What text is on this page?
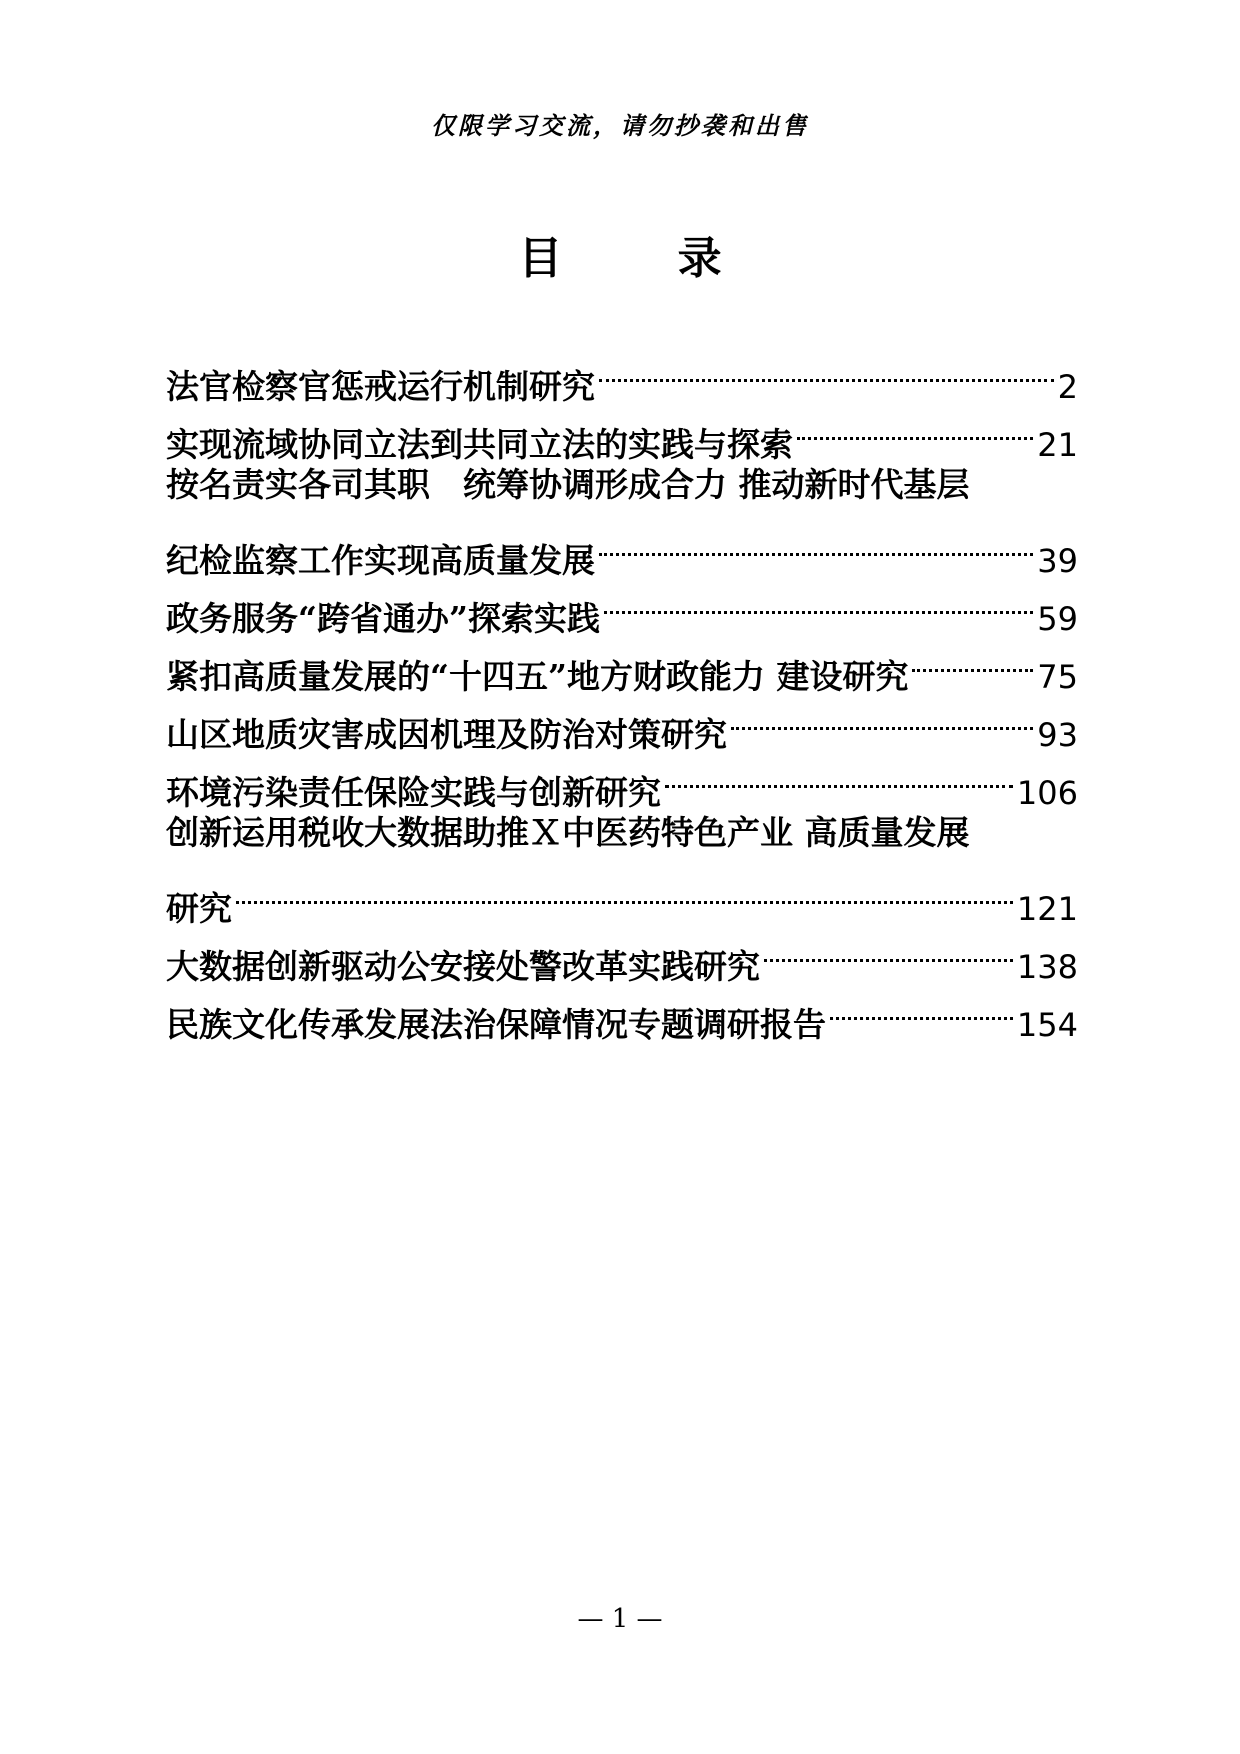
仅限学习交流，请勿抄袭和出售
目 录
法官检察官惩戒运行机制研究	2
实现流域协同立法到共同立法的实践与探索	21
按名责实各司其职　统筹协调形成合力 推动新时代基层
纪检监察工作实现高质量发展	39
政务服务“跨省通办”探索实践	59
紧扣高质量发展的“十四五”地方财政能力 建设研究	75
山区地质灾害成因机理及防治对策研究	93
环境污染责任保险实践与创新研究	106
创新运用税收大数据助推Ｘ中医药特色产业 高质量发展
研究	121
大数据创新驱动公安接处警改革实践研究	138
民族文化传承发展法治保障情况专题调研报告	154
— 1 —
